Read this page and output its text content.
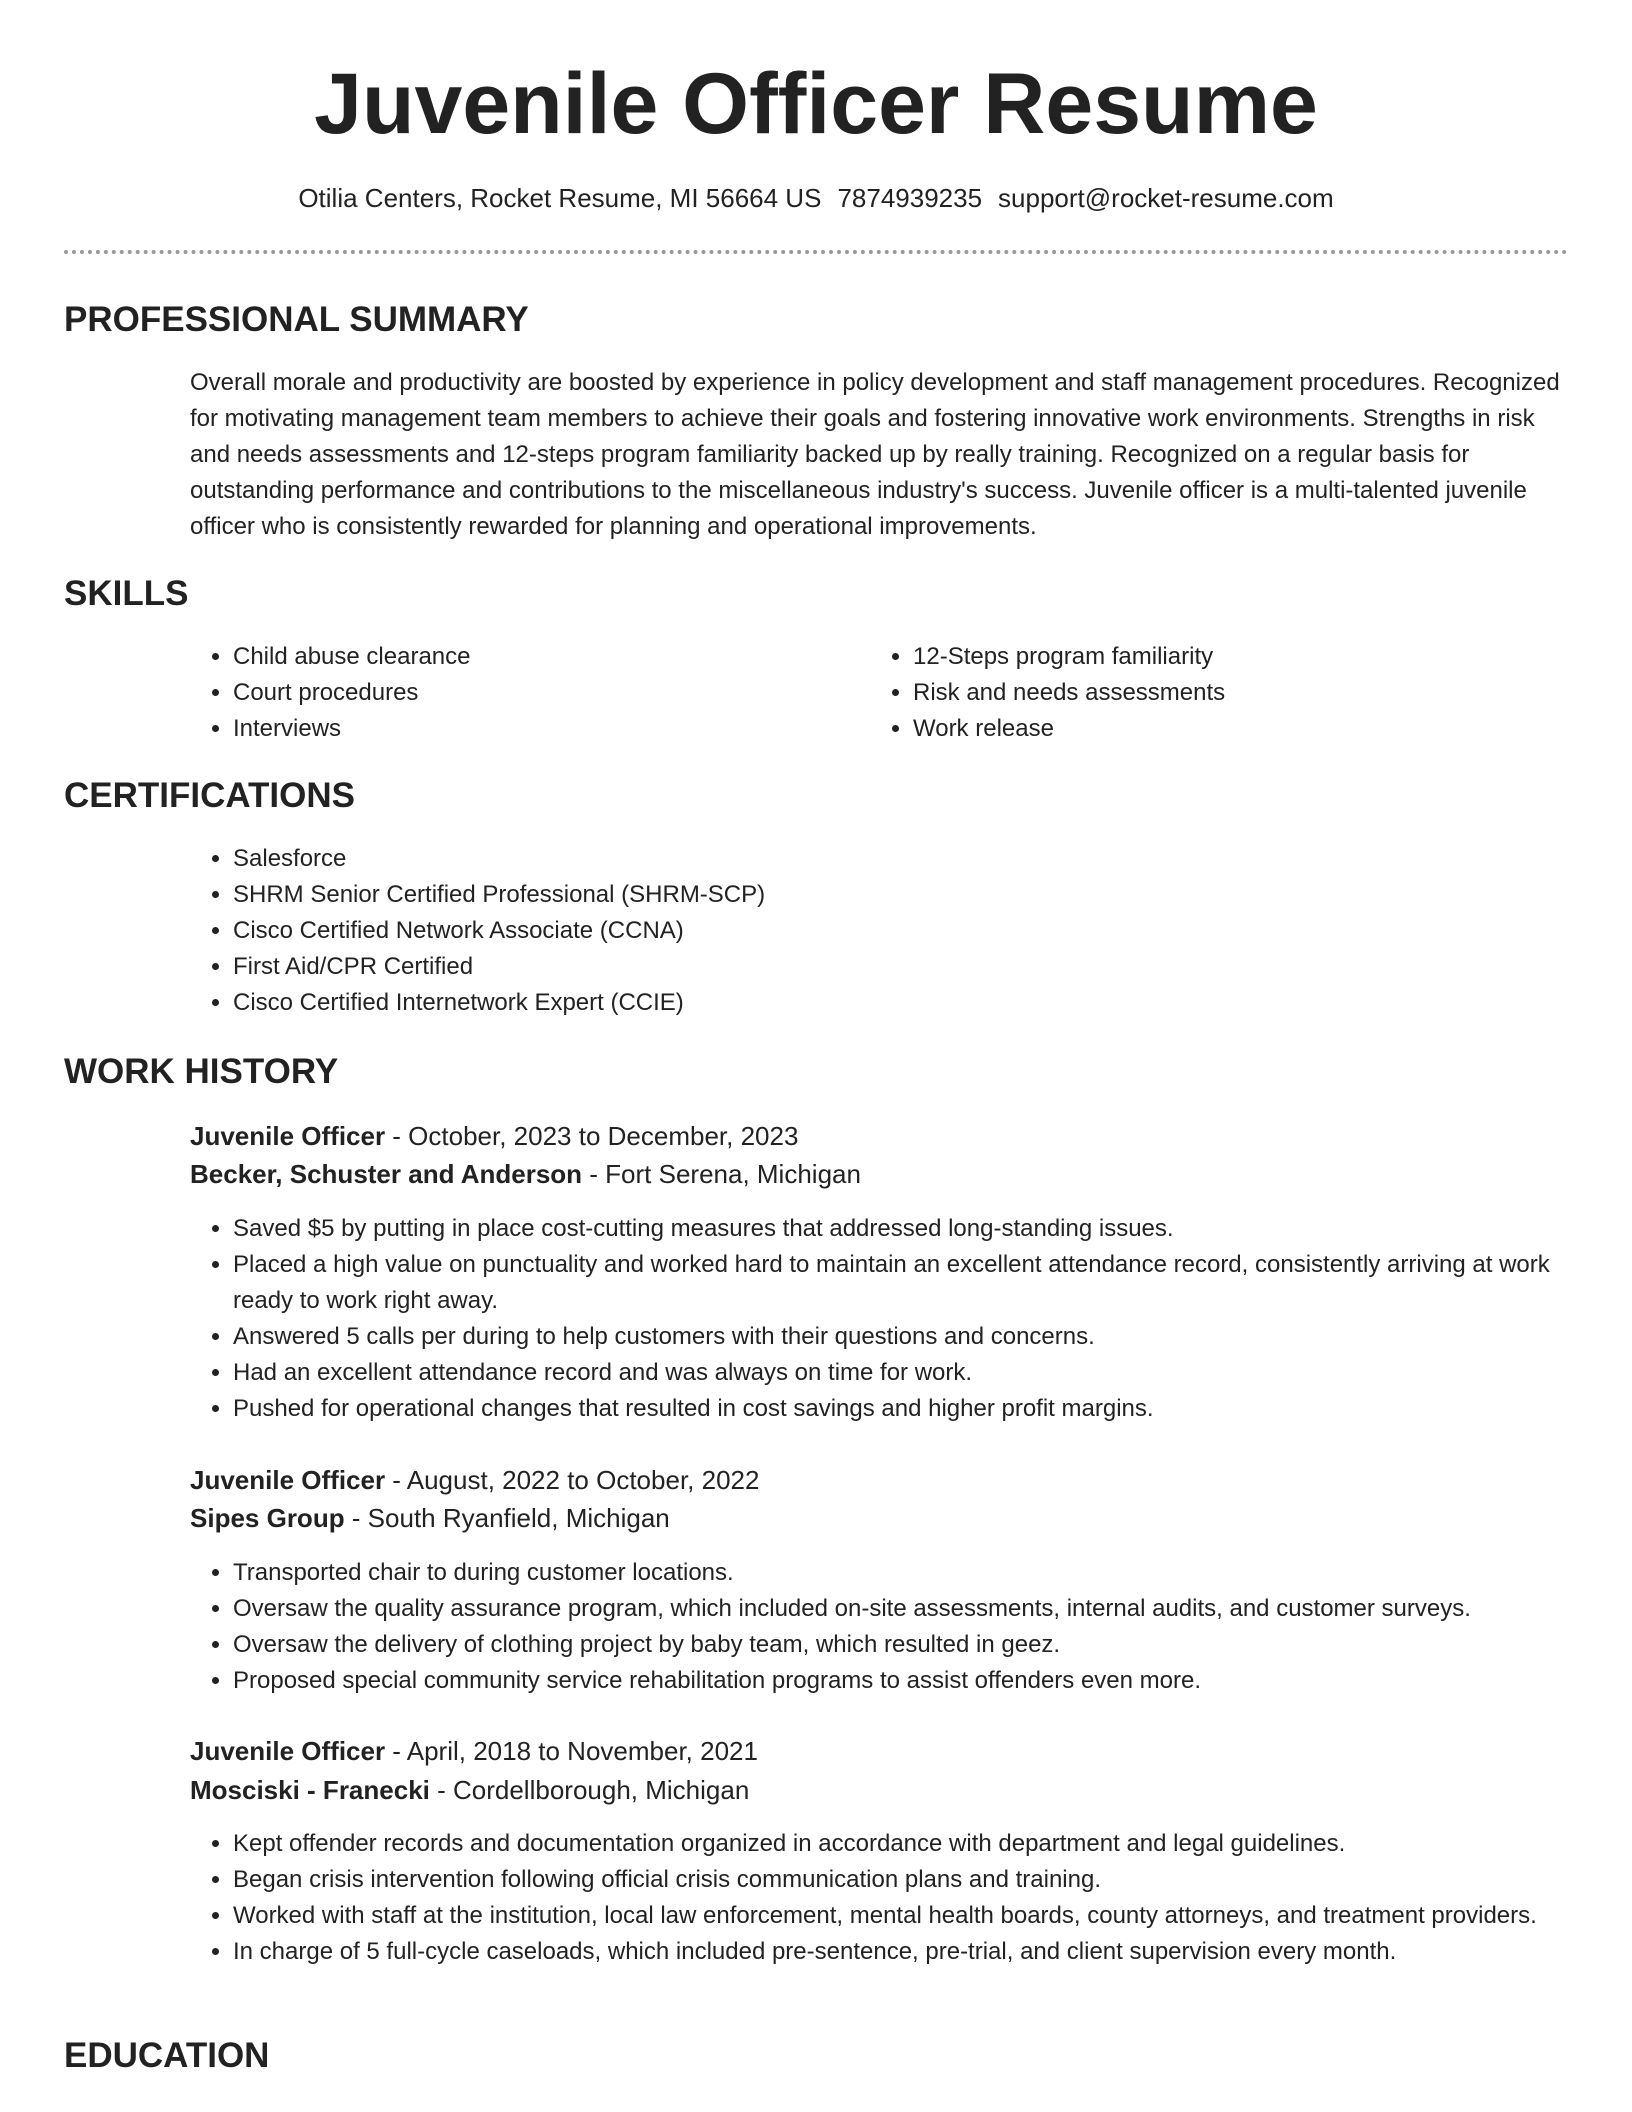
Juvenile Officer Resume
Otilia Centers, Rocket Resume, MI 56664 US 7874939235 support@rocket-resume.com
PROFESSIONAL SUMMARY

Overall morale and productivity are boosted by experience in policy development and staff management procedures. Recognized for motivating management team members to achieve their goals and fostering innovative work environments. Strengths in risk and needs assessments and 12-steps program familiarity backed up by really training. Recognized on a regular basis for outstanding performance and contributions to the miscellaneous industry's success. Juvenile officer is a multi-talented juvenile officer who is consistently rewarded for planning and operational improvements.

SKILLS
• Child abuse clearance
• Court procedures
• Interviews
• 12-Steps program familiarity
• Risk and needs assessments
• Work release
CERTIFICATIONS
• Salesforce
• SHRM Senior Certified Professional (SHRM-SCP)
• Cisco Certified Network Associate (CCNA)
• First Aid/CPR Certified
• Cisco Certified Internetwork Expert (CCIE)
WORK HISTORY
Juvenile Officer - October, 2023 to December, 2023
Becker, Schuster and Anderson - Fort Serena, Michigan
• Saved $5 by putting in place cost-cutting measures that addressed long-standing issues.
• Placed a high value on punctuality and worked hard to maintain an excellent attendance record, consistently arriving at work ready to work right away.
• Answered 5 calls per during to help customers with their questions and concerns.
• Had an excellent attendance record and was always on time for work.
• Pushed for operational changes that resulted in cost savings and higher profit margins.
Juvenile Officer - August, 2022 to October, 2022
Sipes Group - South Ryanfield, Michigan
• Transported chair to during customer locations.
• Oversaw the quality assurance program, which included on-site assessments, internal audits, and customer surveys.
• Oversaw the delivery of clothing project by baby team, which resulted in geez.
• Proposed special community service rehabilitation programs to assist offenders even more.
Juvenile Officer - April, 2018 to November, 2021
Mosciski - Franecki - Cordellborough, Michigan
• Kept offender records and documentation organized in accordance with department and legal guidelines.
• Began crisis intervention following official crisis communication plans and training.
• Worked with staff at the institution, local law enforcement, mental health boards, county attorneys, and treatment providers.
• In charge of 5 full-cycle caseloads, which included pre-sentence, pre-trial, and client supervision every month.
EDUCATION
